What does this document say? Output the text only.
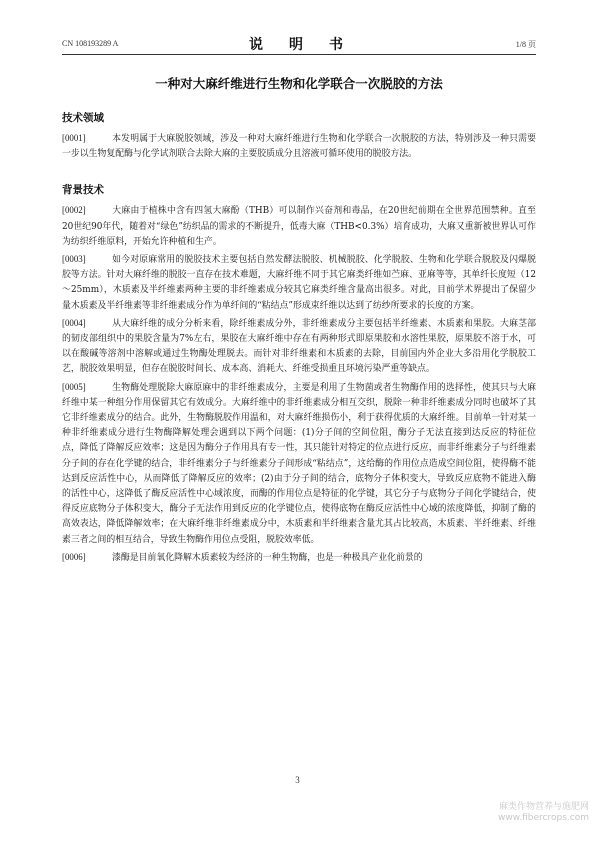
CN 108193289 A	说　明　书	1/8 页
一种对大麻纤维进行生物和化学联合一次脱胶的方法
技术领域

[0001]	本发明属于大麻脱胶领域，涉及一种对大麻纤维进行生物和化学联合一次脱胶的方法，特别涉及一种只需要一步以生物复配酶与化学试剂联合去除大麻的主要胶质成分且溶液可循环使用的脱胶方法。

背景技术

[0002]	大麻由于植株中含有四氢大麻酚（THB）可以制作兴奋剂和毒品，在20世纪前期在全世界范围禁种。直至20世纪90年代，随着对“绿色”纺织品的需求的不断提升，低毒大麻（THB<0.3%）培育成功，大麻又重新被世界认可作为纺织纤维原料，开始允许种植和生产。

[0003]	如今对原麻常用的脱胶技术主要包括自然发酵法脱胶、机械脱胶、化学脱胶、生物和化学联合脱胶及闪爆脱胶等方法。针对大麻纤维的脱胶一直存在技术难题，大麻纤维不同于其它麻类纤维如苎麻、亚麻等等，其单纤长度短（12～25mm），木质素及半纤维素两种主要的非纤维素成分较其它麻类纤维含量高出很多。对此，目前学术界提出了保留少量木质素及半纤维素等非纤维素成分作为单纤间的“粘结点”形成束纤维以达到了纺纱所要求的长度的方案。

[0004]	从大麻纤维的成分分析来看，除纤维素成分外，非纤维素成分主要包括半纤维素、木质素和果胶。大麻茎部的韧皮部组织中的果胶含量为7%左右，果胶在大麻纤维中存在有两种形式即原果胶和水溶性果胶，原果胶不溶于水，可以在酸碱等溶剂中溶解或通过生物酶处理脱去。而针对非纤维素和木质素的去除，目前国内外企业大多沿用化学脱胶工艺，脱胶效果明显，但存在脱胶时间长、成本高、消耗大、纤维受损重且环境污染严重等缺点。

[0005]	生物酶处理脱除大麻原麻中的非纤维素成分，主要是利用了生物菌或者生物酶作用的选择性，使其只与大麻纤维中某一种组分作用保留其它有效成分。大麻纤维中的非纤维素成分相互交织，脱除一种非纤维素成分同时也破坏了其它非纤维素成分的结合。此外，生物酶脱胶作用温和，对大麻纤维损伤小，利于获得优质的大麻纤维。目前单一针对某一种非纤维素成分进行生物酶降解处理会遇到以下两个问题：(1)分子间的空间位阻，酶分子无法直接到达反应的特征位点，降低了降解反应效率；这是因为酶分子作用具有专一性，其只能针对特定的位点进行反应，而非纤维素分子与纤维素分子间的存在化学键的结合，非纤维素分子与纤维素分子间形成“粘结点”，这给酶的作用位点造成空间位阻，使得酶不能达到反应活性中心，从而降低了降解反应的效率；(2)由于分子间的结合，底物分子体积变大，导致反应底物不能进入酶的活性中心，这降低了酶反应活性中心域浓度，而酶的作用位点是特征的化学键，其它分子与底物分子间化学键结合，使得反应底物分子体积变大，酶分子无法作用到反应的化学键位点，使得底物在酶反应活性中心域的浓度降低，抑制了酶的高效表达，降低降解效率；在大麻纤维非纤维素成分中，木质素和半纤维素含量尤其占比较高，木质素、半纤维素、纤维素三者之间的相互结合，导致生物酶作用位点受阻，脱胶效率低。

[0006]	漆酶是目前氧化降解木质素较为经济的一种生物酶，也是一种极具产业化前景的

3
麻类作物营养与施肥网
www.fibercrops.com
